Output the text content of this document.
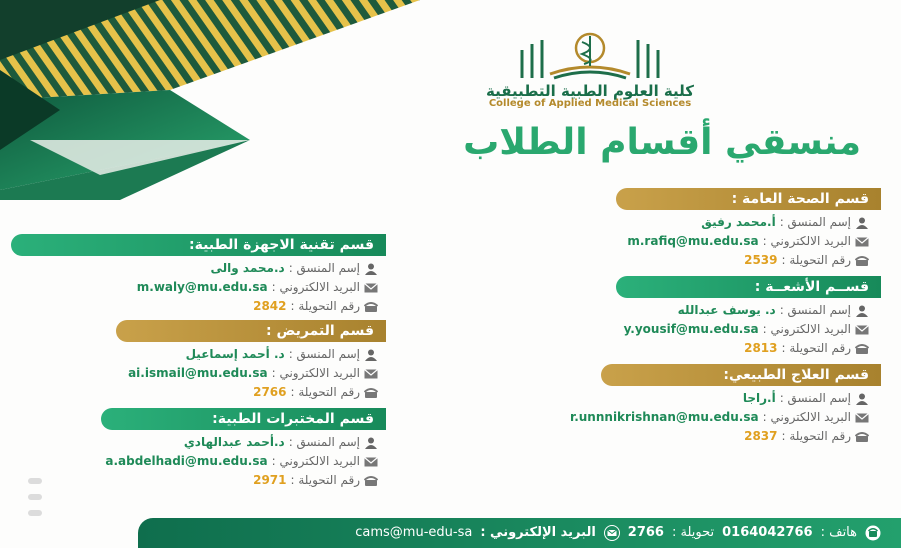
كلية العلوم الطبية التطبيقية
College of Applied Medical Sciences
منسقي أقسام الطلاب
قسم الصحة العامة :
إسم المنسق :
أ.محمد رفيق
البريد الالكتروني :
m.rafiq@mu.edu.sa
رقم التحويلة :
2539
قســم الأشعــة :
إسم المنسق :
د. يوسف عبدالله
البريد الالكتروني :
y.yousif@mu.edu.sa
رقم التحويلة :
2813
قسم العلاج الطبيعي:
إسم المنسق :
أ.راجا
البريد الالكتروني :
r.unnnikrishnan@mu.edu.sa
رقم التحويلة :
2837
قسم تقنية الاجهزة الطبية:
إسم المنسق :
د.محمد والى
البريد الالكتروني :
m.waly@mu.edu.sa
رقم التحويلة :
2842
قسم التمريض :
إسم المنسق :
د. أحمد إسماعيل
البريد الالكتروني :
ai.ismail@mu.edu.sa
رقم التحويلة :
2766
قسم المختبرات الطبية:
إسم المنسق :
د.أحمد عبدالهادي
البريد الالكتروني :
a.abdelhadi@mu.edu.sa
رقم التحويلة :
2971
هاتف :
0164042766
تحويلة :
2766
البريد الإلكتروني :
cams@mu-edu-sa
